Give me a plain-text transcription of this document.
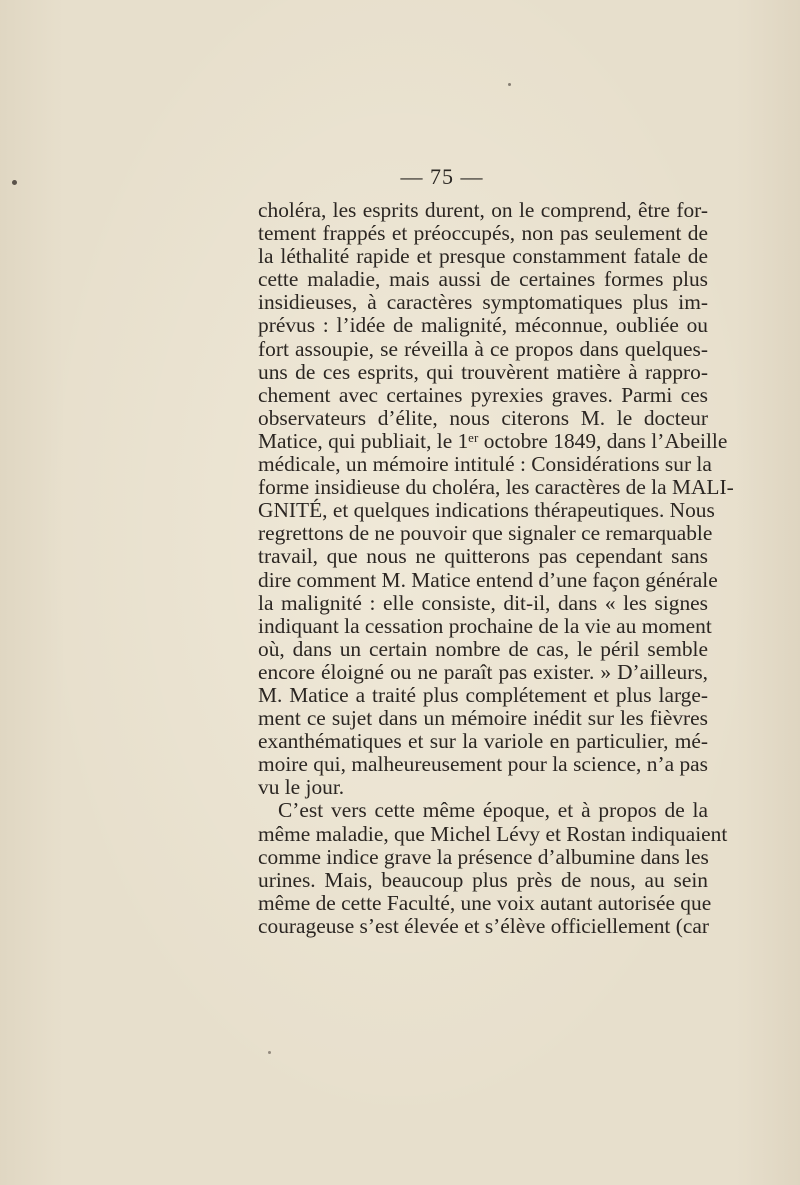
— 75 —
choléra, les esprits durent, on le comprend, être for-
tement frappés et préoccupés, non pas seulement de
la léthalité rapide et presque constamment fatale de
cette maladie, mais aussi de certaines formes plus
insidieuses, à caractères symptomatiques plus im-
prévus : l’idée de malignité, méconnue, oubliée ou
fort assoupie, se réveilla à ce propos dans quelques-
uns de ces esprits, qui trouvèrent matière à rappro-
chement avec certaines pyrexies graves. Parmi ces
observateurs d’élite, nous citerons M. le docteur
Matice, qui publiait, le 1ᵉʳ octobre 1849, dans l’Abeille
médicale, un mémoire intitulé : Considérations sur la
forme insidieuse du choléra, les caractères de la MALI-
GNITÉ, et quelques indications thérapeutiques. Nous
regrettons de ne pouvoir que signaler ce remarquable
travail, que nous ne quitterons pas cependant sans
dire comment M. Matice entend d’une façon générale
la malignité : elle consiste, dit-il, dans « les signes
indiquant la cessation prochaine de la vie au moment
où, dans un certain nombre de cas, le péril semble
encore éloigné ou ne paraît pas exister. » D’ailleurs,
M. Matice a traité plus complétement et plus large-
ment ce sujet dans un mémoire inédit sur les fièvres
exanthématiques et sur la variole en particulier, mé-
moire qui, malheureusement pour la science, n’a pas
vu le jour.
C’est vers cette même époque, et à propos de la
même maladie, que Michel Lévy et Rostan indiquaient
comme indice grave la présence d’albumine dans les
urines. Mais, beaucoup plus près de nous, au sein
même de cette Faculté, une voix autant autorisée que
courageuse s’est élevée et s’élève officiellement (car
